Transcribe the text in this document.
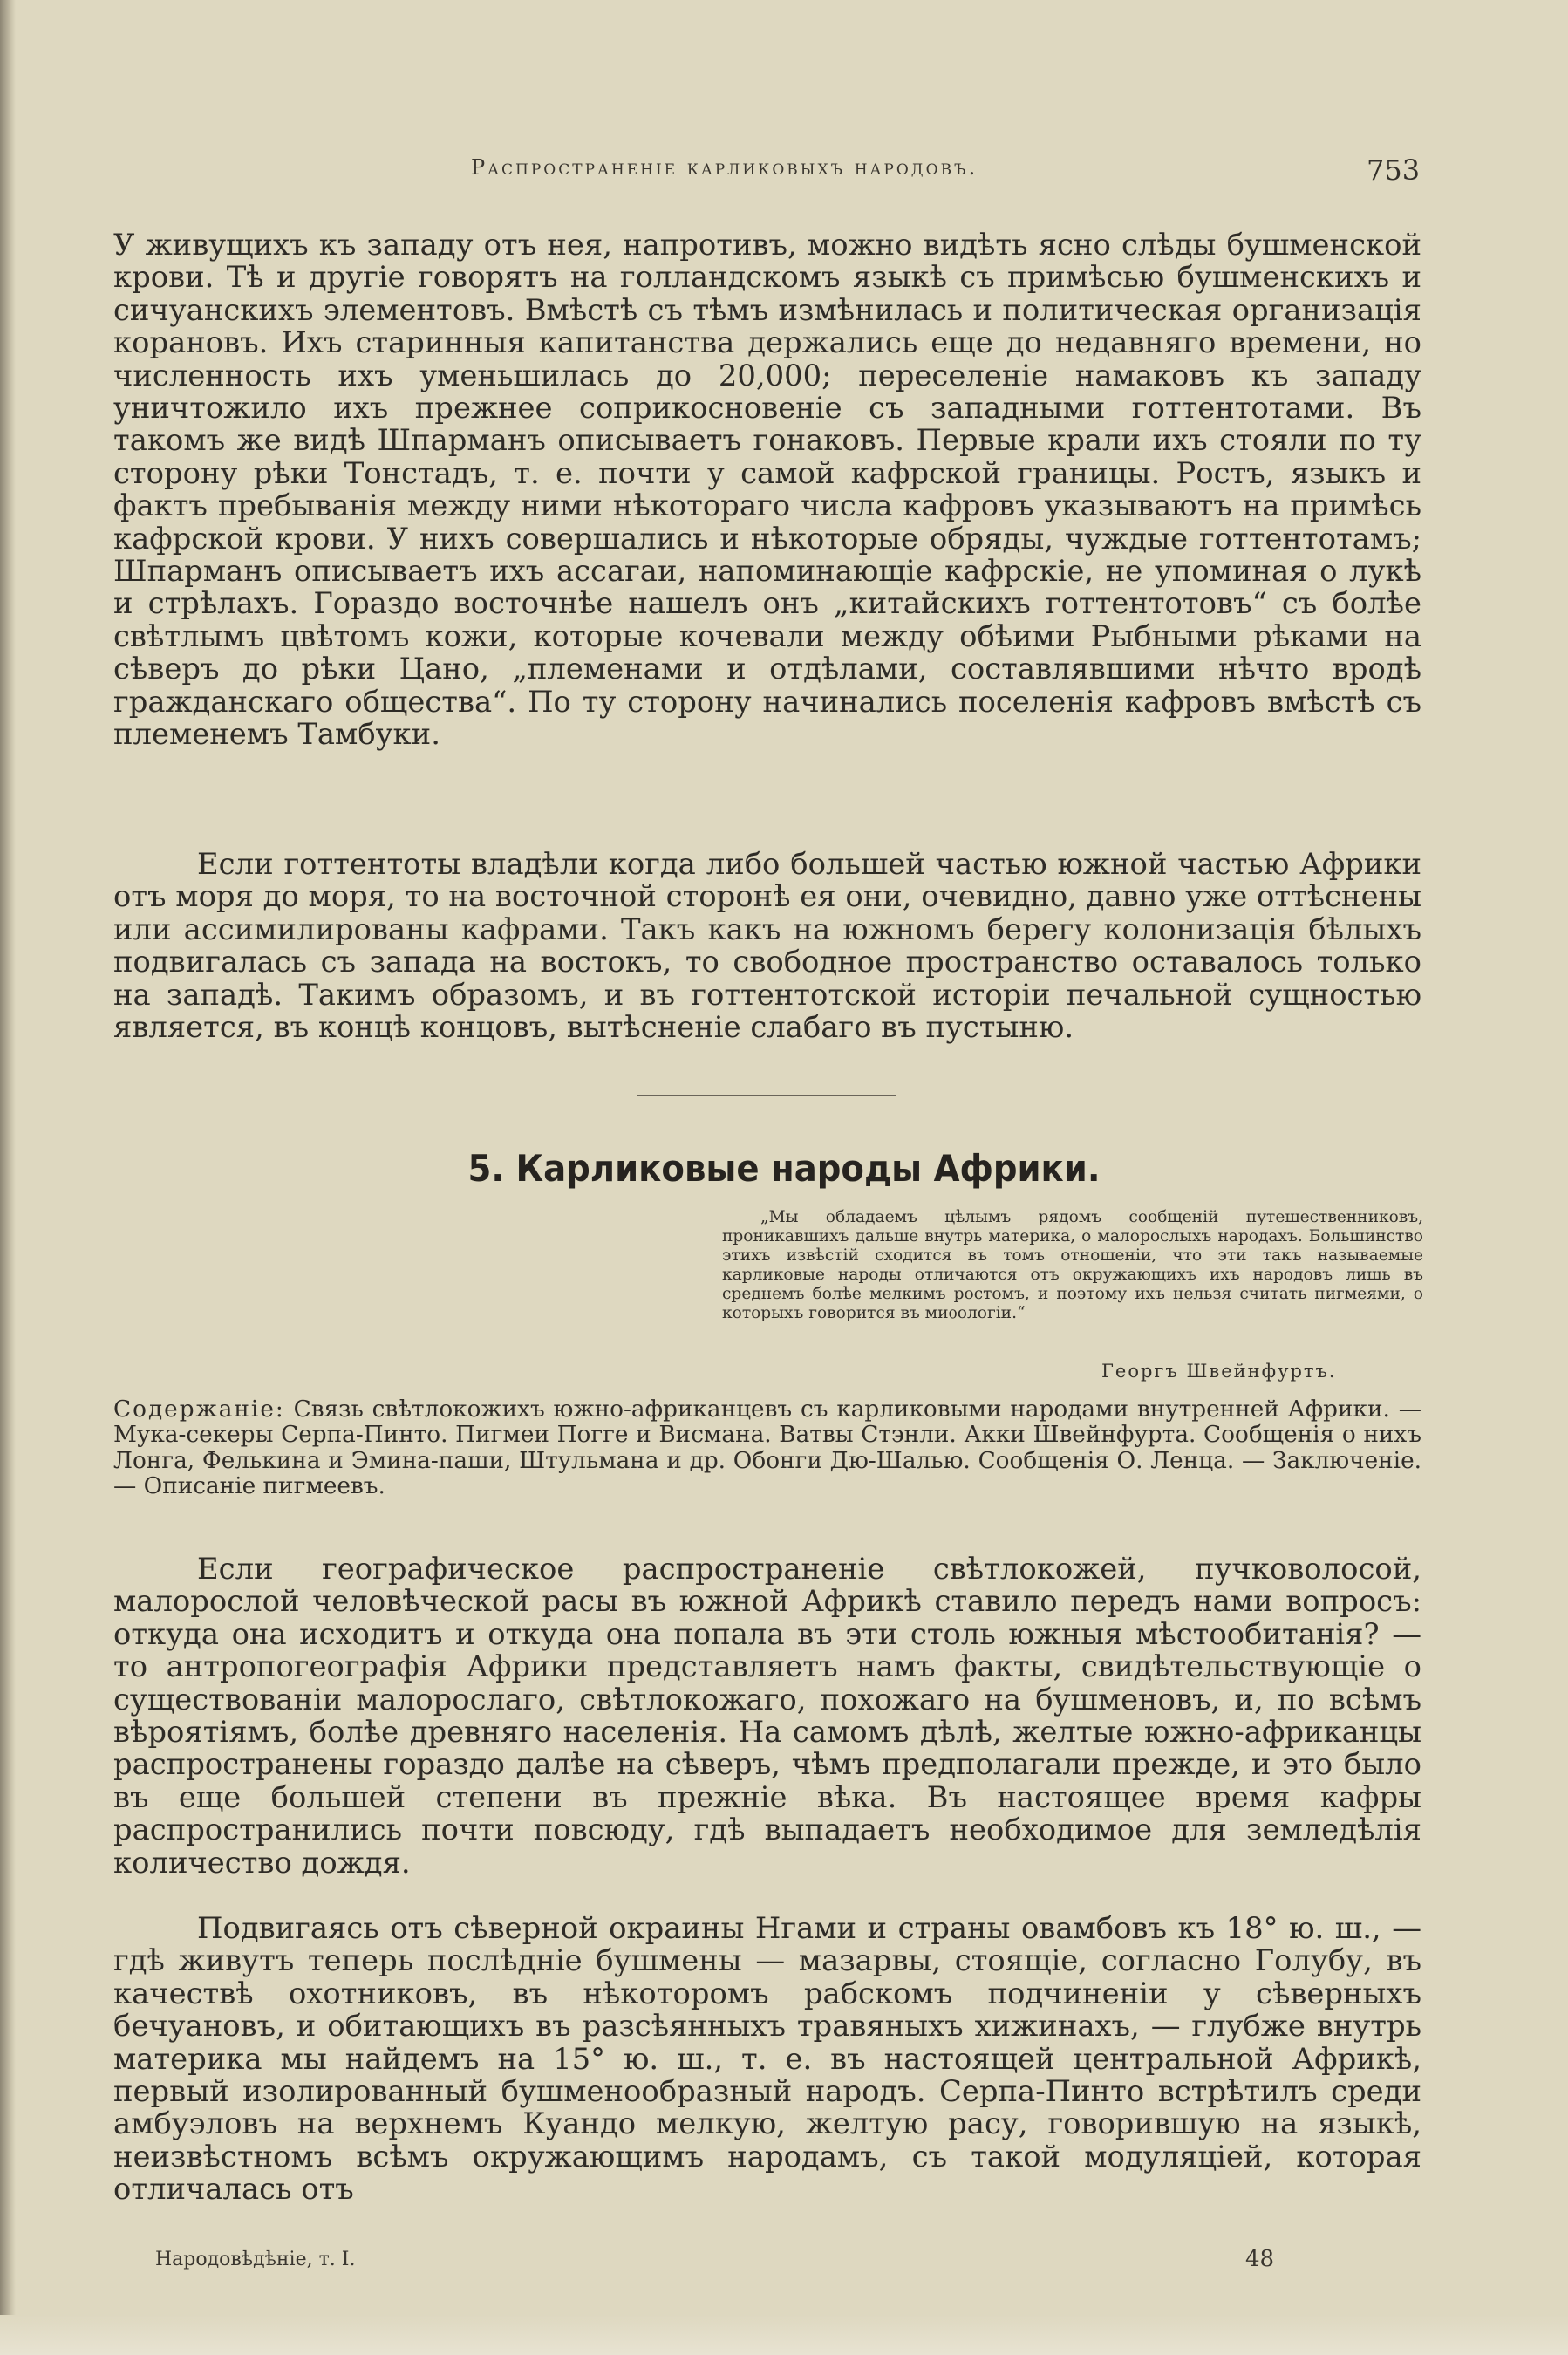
Распространеніе карликовыхъ народовъ.	753

У живущихъ къ западу отъ нея, напротивъ, можно видѣть ясно слѣды бушменской крови. Тѣ и другіе говорятъ на голландскомъ языкѣ съ примѣсью бушменскихъ и сичуанскихъ элементовъ. Вмѣстѣ съ тѣмъ измѣнилась и политическая организація корановъ. Ихъ старинныя капитанства держались еще до недавняго времени, но численность ихъ уменьшилась до 20,000; переселеніе намаковъ къ западу уничтожило ихъ прежнее соприкосновеніе съ западными готтентотами. Въ такомъ же видѣ Шпарманъ описываетъ гонаковъ. Первые крали ихъ стояли по ту сторону рѣки Тонстадъ, т. е. почти у самой кафрской границы. Ростъ, языкъ и фактъ пребыванія между ними нѣкотораго числа кафровъ указываютъ на примѣсь кафрской крови. У нихъ совершались и нѣкоторые обряды, чуждые готтентотамъ; Шпарманъ описываетъ ихъ ассагаи, напоминающіе кафрскіе, не упоминая о лукѣ и стрѣлахъ. Гораздо восточнѣе нашелъ онъ „китайскихъ готтентотовъ“ съ болѣе свѣтлымъ цвѣтомъ кожи, которые кочевали между обѣими Рыбными рѣками на сѣверъ до рѣки Цано, „племенами и отдѣлами, составлявшими нѣчто вродѣ гражданскаго общества“. По ту сторону начинались поселенія кафровъ вмѣстѣ съ племенемъ Тамбуки.

Если готтентоты владѣли когда либо большей частью южной частью Африки отъ моря до моря, то на восточной сторонѣ ея они, очевидно, давно уже оттѣснены или ассимилированы кафрами. Такъ какъ на южномъ берегу колонизація бѣлыхъ подвигалась съ запада на востокъ, то свободное пространство оставалось только на западѣ. Такимъ образомъ, и въ готтентотской исторіи печальной сущностью является, въ концѣ концовъ, вытѣсненіе слабаго въ пустыню.

5. Карликовые народы Африки.
„Мы обладаемъ цѣлымъ рядомъ сообщеній путешественниковъ, проникавшихъ дальше внутрь материка, о малорослыхъ народахъ. Большинство этихъ извѣстій сходится въ томъ отношеніи, что эти такъ называемые карликовые народы отличаются отъ окружающихъ ихъ народовъ лишь въ среднемъ болѣе мелкимъ ростомъ, и поэтому ихъ нельзя считать пигмеями, о которыхъ говорится въ миѳологіи.“
Георгъ Швейнфуртъ.
Содержаніе: Связь свѣтлокожихъ южно-африканцевъ съ карликовыми народами внутренней Африки. — Мука-секеры Серпа-Пинто. Пигмеи Погге и Висмана. Ватвы Стэнли. Акки Швейнфурта. Сообщенія о нихъ Лонга, Фелькина и Эмина-паши, Штульмана и др. Обонги Дю-Шалью. Сообщенія О. Ленца. — Заключеніе. — Описаніе пигмеевъ.

Если географическое распространеніе свѣтлокожей, пучковолосой, малорослой человѣческой расы въ южной Африкѣ ставило передъ нами вопросъ: откуда она исходитъ и откуда она попала въ эти столь южныя мѣстообитанія? — то антропогеографія Африки представляетъ намъ факты, свидѣтельствующіе о существованіи малорослаго, свѣтлокожаго, похожаго на бушменовъ, и, по всѣмъ вѣроятіямъ, болѣе древняго населенія. На самомъ дѣлѣ, желтые южно-африканцы распространены гораздо далѣе на сѣверъ, чѣмъ предполагали прежде, и это было въ еще большей степени въ прежніе вѣка. Въ настоящее время кафры распространились почти повсюду, гдѣ выпадаетъ необходимое для земледѣлія количество дождя.

Подвигаясь отъ сѣверной окраины Нгами и страны овамбовъ къ 18° ю. ш., — гдѣ живутъ теперь послѣдніе бушмены — мазарвы, стоящіе, согласно Голубу, въ качествѣ охотниковъ, въ нѣкоторомъ рабскомъ подчиненіи у сѣверныхъ бечуановъ, и обитающихъ въ разсѣянныхъ травяныхъ хижинахъ, — глубже внутрь материка мы найдемъ на 15° ю. ш., т. е. въ настоящей центральной Африкѣ, первый изолированный бушменообразный народъ. Серпа-Пинто встрѣтилъ среди амбуэловъ на верхнемъ Куандо мелкую, желтую расу, говорившую на языкѣ, неизвѣстномъ всѣмъ окружающимъ народамъ, съ такой модуляціей, которая отличалась отъ

Народовѣдѣніе, т. I.	48
